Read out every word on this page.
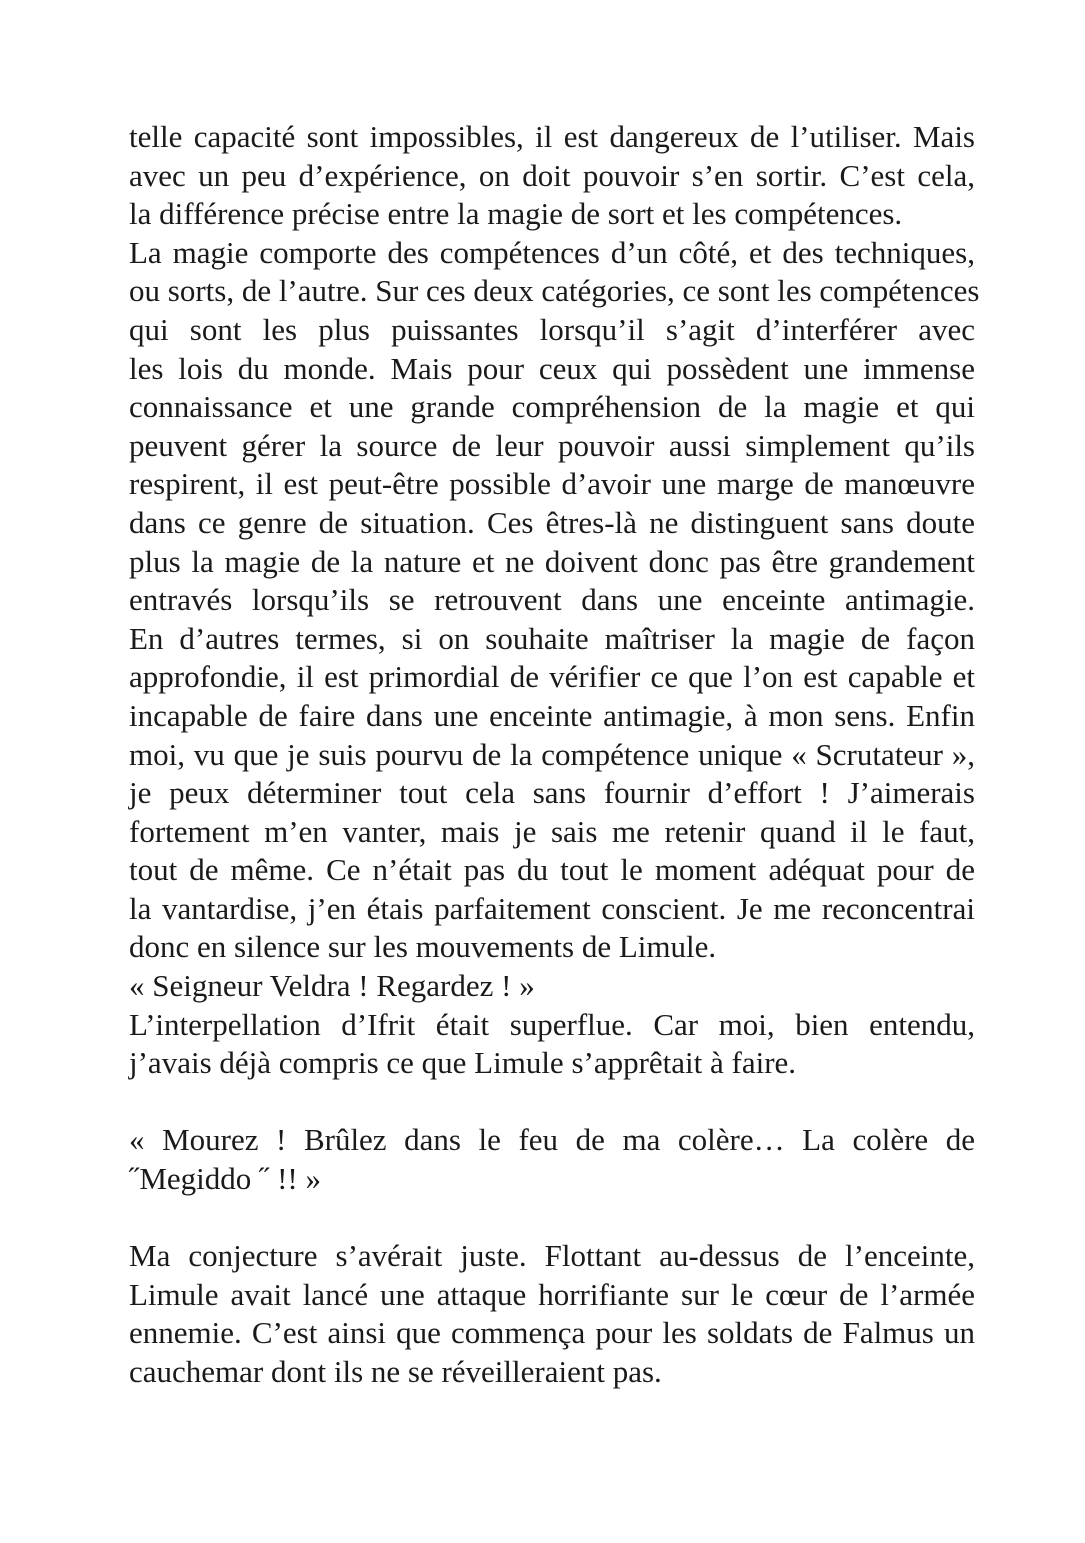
telle capacité sont impossibles, il est dangereux de l’utiliser. Mais
avec un peu d’expérience, on doit pouvoir s’en sortir. C’est cela,
la différence précise entre la magie de sort et les compétences.
La magie comporte des compétences d’un côté, et des techniques,
ou sorts, de l’autre. Sur ces deux catégories, ce sont les compétences
qui sont les plus puissantes lorsqu’il s’agit d’interférer avec
les lois du monde. Mais pour ceux qui possèdent une immense
connaissance et une grande compréhension de la magie et qui
peuvent gérer la source de leur pouvoir aussi simplement qu’ils
respirent, il est peut-être possible d’avoir une marge de manœuvre
dans ce genre de situation. Ces êtres-là ne distinguent sans doute
plus la magie de la nature et ne doivent donc pas être grandement
entravés lorsqu’ils se retrouvent dans une enceinte antimagie.
En d’autres termes, si on souhaite maîtriser la magie de façon
approfondie, il est primordial de vérifier ce que l’on est capable et
incapable de faire dans une enceinte antimagie, à mon sens. Enfin
moi, vu que je suis pourvu de la compétence unique « Scrutateur »,
je peux déterminer tout cela sans fournir d’effort ! J’aimerais
fortement m’en vanter, mais je sais me retenir quand il le faut,
tout de même. Ce n’était pas du tout le moment adéquat pour de
la vantardise, j’en étais parfaitement conscient. Je me reconcentrai
donc en silence sur les mouvements de Limule.
« Seigneur Veldra ! Regardez ! »
L’interpellation d’Ifrit était superflue. Car moi, bien entendu,
j’avais déjà compris ce que Limule s’apprêtait à faire.
« Mourez ! Brûlez dans le feu de ma colère… La colère de
˝Megiddo ˝ !! »
Ma conjecture s’avérait juste. Flottant au-dessus de l’enceinte,
Limule avait lancé une attaque horrifiante sur le cœur de l’armée
ennemie. C’est ainsi que commença pour les soldats de Falmus un
cauchemar dont ils ne se réveilleraient pas.
